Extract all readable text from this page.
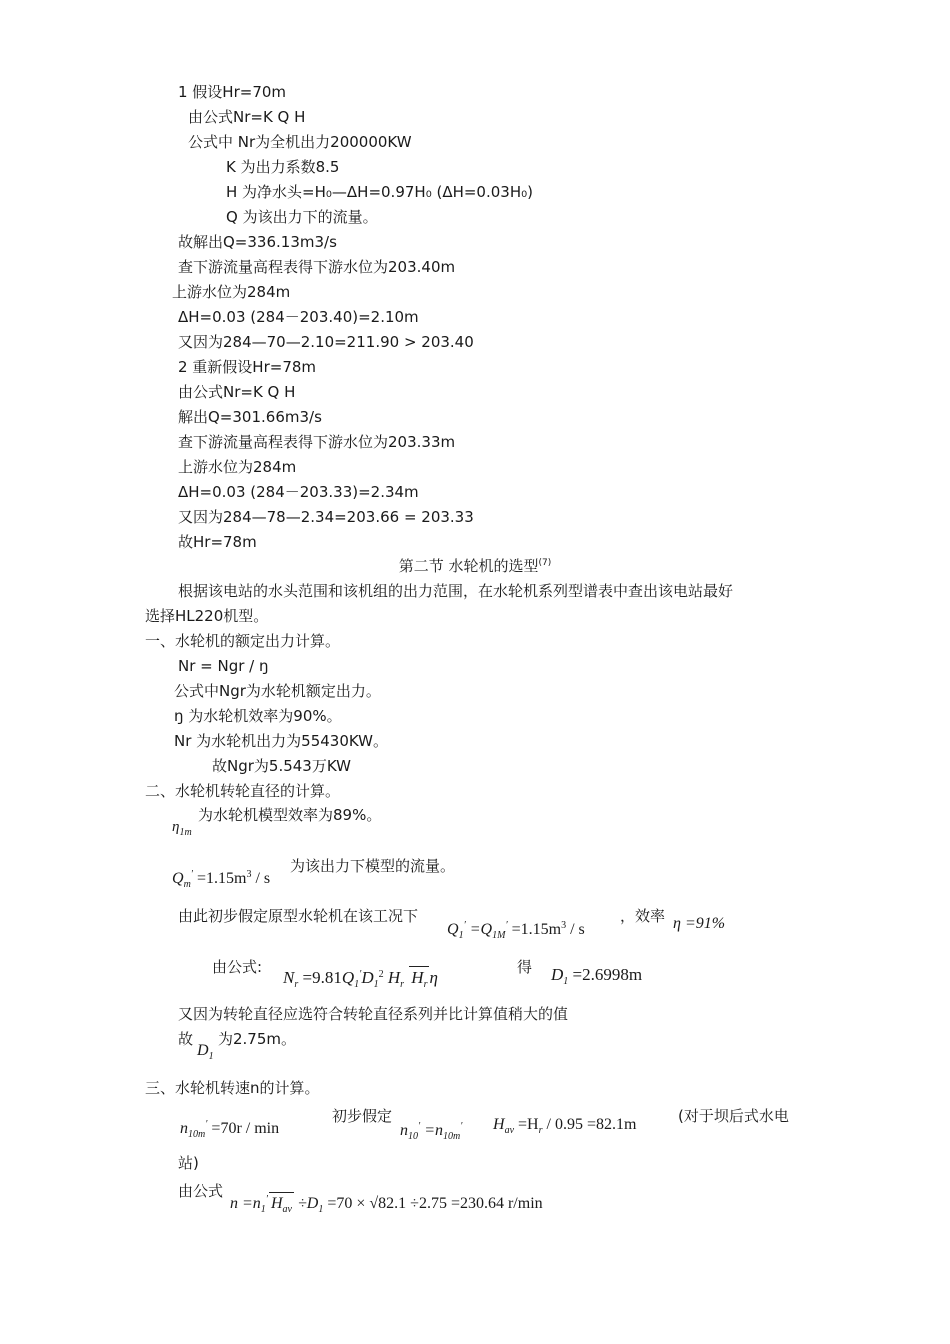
1 假设Hr=70m
由公式Nr=K Q H
公式中 Nr为全机出力200000KW
K 为出力系数8.5
H 为净水头=H₀—ΔH=0.97H₀ (ΔH=0.03H₀)
Q 为该出力下的流量。
故解出Q=336.13m3/s
查下游流量高程表得下游水位为203.40m
上游水位为284m
ΔH=0.03 (284－203.40)=2.10m
又因为284—70—2.10=211.90 > 203.40
2 重新假设Hr=78m
由公式Nr=K Q H
解出Q=301.66m3/s
查下游流量高程表得下游水位为203.33m
上游水位为284m
ΔH=0.03 (284－203.33)=2.34m
又因为284—78—2.34=203.66 = 203.33
故Hr=78m
第二节 水轮机的选型$^{(7)}$
根据该电站的水头范围和该机组的出力范围，在水轮机系列型谱表中查出该电站最好
选择HL220机型。
一、水轮机的额定出力计算。
Nr = Ngr / ŋ
公式中Ngr为水轮机额定出力。
ŋ 为水轮机效率为90%。
Nr 为水轮机出力为55430KW。
故Ngr为5.543万KW
二、水轮机转轮直径的计算。
$\eta_{1m}$
为水轮机模型效率为89%。
$Q_m' =1.15m^3 / s$
为该出力下模型的流量。
由此初步假定原型水轮机在该工况下
$Q_1' =Q_{1M}' =1.15m^3 / s$
，效率 η =91%
由公式:
$N_r =9.81Q_1'D_1^2$ $H_r$ $H_r$ η
得 $D_1 =2.6998m$
又因为转轮直径应选符合转轮直径系列并比计算值稍大的值
故
$D_1$
为2.75m。
三、水轮机转速n的计算。
$n_{10m}' =70r / \min$
初步假定
$n_{10}' =n_{10m}'$ $H_{av} =H_r / 0.95 =82.1m$	(对于坝后式水电
站)
由公式
$n =n_1'$ $H_{av} \div D_1 =70 \times √82.1 \div 2.75 =230.64$ r/min
